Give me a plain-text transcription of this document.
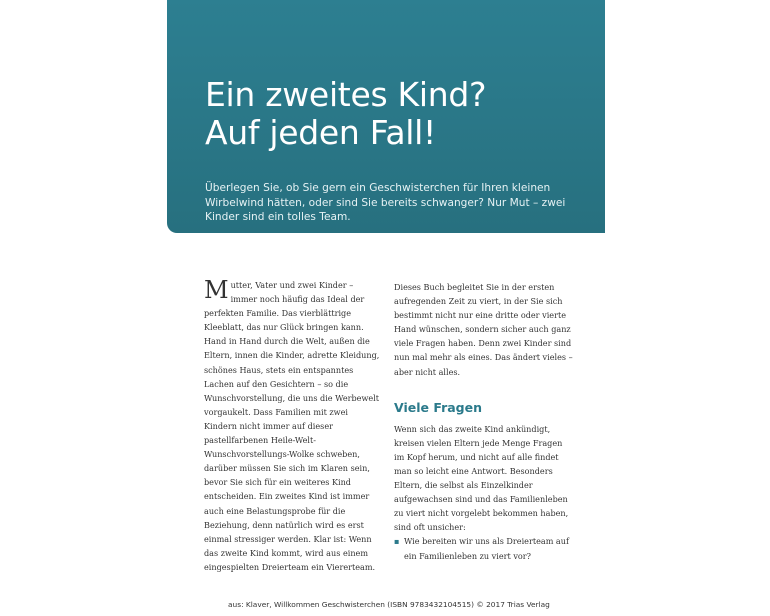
Ein zweites Kind?
Auf jeden Fall!

Überlegen Sie, ob Sie gern ein Geschwisterchen für Ihren kleinen Wirbelwind hätten, oder sind Sie bereits schwanger? Nur Mut – zwei Kinder sind ein tolles Team.

Mutter, Vater und zwei Kinder – immer noch häufig das Ideal der perfekten Familie. Das vierblättrige Kleeblatt, das nur Glück bringen kann. Hand in Hand durch die Welt, außen die Eltern, innen die Kinder, adrette Kleidung, schönes Haus, stets ein entspanntes Lachen auf den Gesichtern – so die Wunschvorstellung, die uns die Werbewelt vorgaukelt. Dass Familien mit zwei Kindern nicht immer auf dieser pastellfarbenen Heile-Welt-Wunschvorstellungs-Wolke schweben, darüber müssen Sie sich im Klaren sein, bevor Sie sich für ein weiteres Kind entscheiden. Ein zweites Kind ist immer auch eine Belastungsprobe für die Beziehung, denn natürlich wird es erst einmal stressiger werden. Klar ist: Wenn das zweite Kind kommt, wird aus einem eingespielten Dreierteam ein Viererteam.

Dieses Buch begleitet Sie in der ersten aufregenden Zeit zu viert, in der Sie sich bestimmt nicht nur eine dritte oder vierte Hand wünschen, sondern sicher auch ganz viele Fragen haben. Denn zwei Kinder sind nun mal mehr als eines. Das ändert vieles – aber nicht alles.

Viele Fragen

Wenn sich das zweite Kind ankündigt, kreisen vielen Eltern jede Menge Fragen im Kopf herum, und nicht auf alle findet man so leicht eine Antwort. Besonders Eltern, die selbst als Einzelkinder aufgewachsen sind und das Familienleben zu viert nicht vorgelebt bekommen haben, sind oft unsicher:

▪ Wie bereiten wir uns als Dreierteam auf ein Familienleben zu viert vor?

aus: Klaver, Willkommen Geschwisterchen (ISBN 9783432104515) © 2017 Trias Verlag
